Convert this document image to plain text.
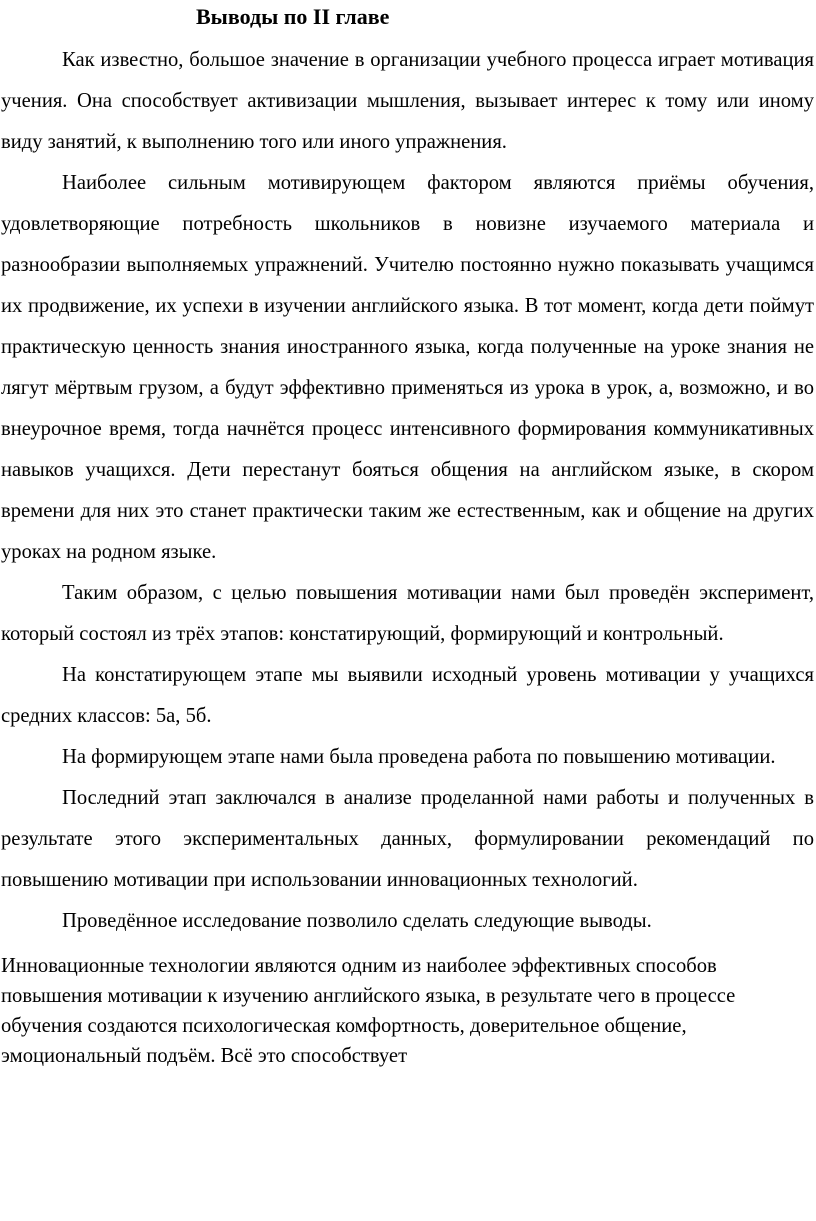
Выводы по II главе

Как известно, большое значение в организации учебного процесса играет мотивация учения. Она способствует активизации мышления, вызывает интерес к тому или иному виду занятий, к выполнению того или иного упражнения.

Наиболее сильным мотивирующем фактором являются приёмы обучения, удовлетворяющие потребность школьников в новизне изучаемого материала и разнообразии выполняемых упражнений. Учителю постоянно нужно показывать учащимся их продвижение, их успехи в изучении английского языка. В тот момент, когда дети поймут практическую ценность знания иностранного языка, когда полученные на уроке знания не лягут мёртвым грузом, а будут эффективно применяться из урока в урок, а, возможно, и во внеурочное время, тогда начнётся процесс интенсивного формирования коммуникативных навыков учащихся. Дети перестанут бояться общения на английском языке, в скором времени для них это станет практически таким же естественным, как и общение на других уроках на родном языке.

Таким образом, с целью повышения мотивации нами был проведён эксперимент, который состоял из трёх этапов: констатирующий, формирующий и контрольный.

На констатирующем этапе мы выявили исходный уровень мотивации у учащихся средних классов: 5а, 5б.

На формирующем этапе нами была проведена работа по повышению мотивации.

Последний этап заключался в анализе проделанной нами работы и полученных в результате этого экспериментальных данных, формулировании рекомендаций по повышению мотивации при использовании инновационных технологий.

Проведённое исследование позволило сделать следующие выводы.

Инновационные технологии являются одним из наиболее эффективных способов повышения мотивации к изучению английского языка, в результате чего в процессе обучения создаются психологическая комфортность, доверительное общение, эмоциональный подъём. Всё это способствует
